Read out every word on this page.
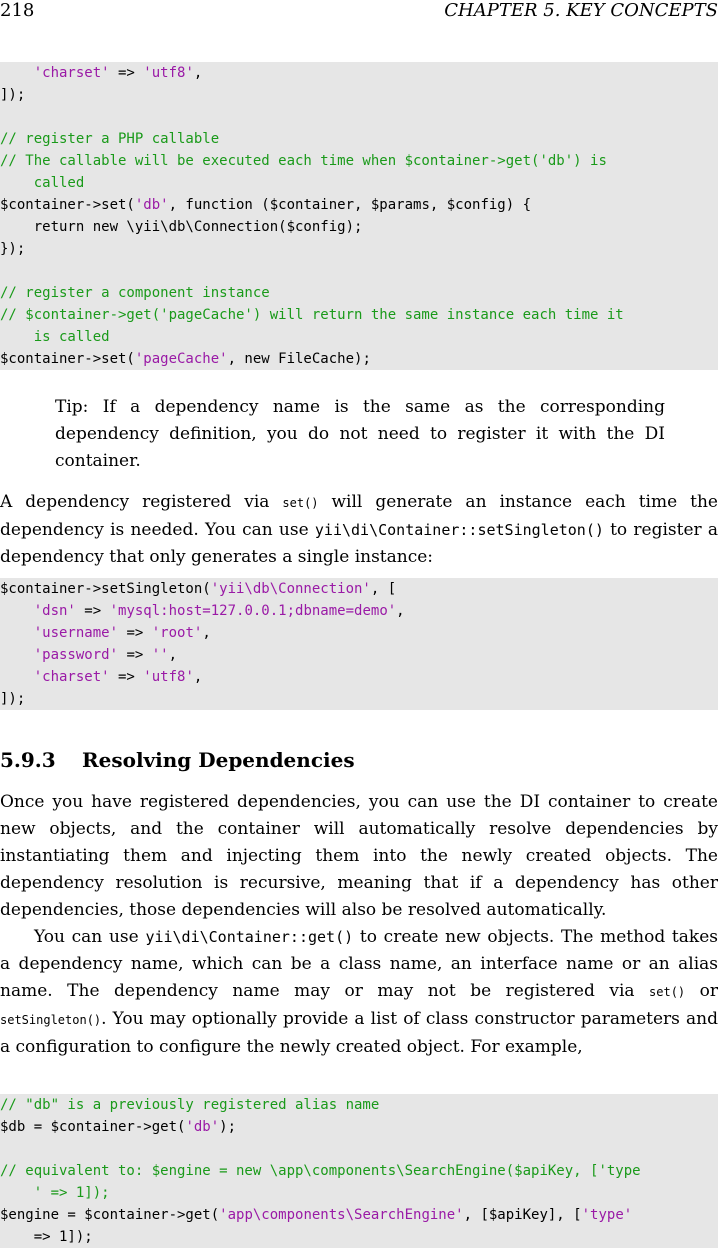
218	CHAPTER 5. KEY CONCEPTS
'charset' => 'utf8',
]);
// register a PHP callable
// The callable will be executed each time when $container->get('db') is
called
$container->set('db', function ($container, $params, $config) {
return new \yii\db\Connection($config);
});
// register a component instance
// $container->get('pageCache') will return the same instance each time it
is called
$container->set('pageCache', new FileCache);
Tip: If a dependency name is the same as the corresponding dependency definition, you do not need to register it with the DI container.
A dependency registered via set() will generate an instance each time the dependency is needed. You can use yii\di\Container::setSingleton() to register a dependency that only generates a single instance:
$container->setSingleton('yii\db\Connection', [
'dsn' => 'mysql:host=127.0.0.1;dbname=demo',
'username' => 'root',
'password' => '',
'charset' => 'utf8',
]);
5.9.3 Resolving Dependencies
Once you have registered dependencies, you can use the DI container to create new objects, and the container will automatically resolve dependencies by instantiating them and injecting them into the newly created objects. The dependency resolution is recursive, meaning that if a dependency has other dependencies, those dependencies will also be resolved automatically.
You can use yii\di\Container::get() to create new objects. The method takes a dependency name, which can be a class name, an interface name or an alias name. The dependency name may or may not be registered via set() or setSingleton(). You may optionally provide a list of class constructor parameters and a configuration to configure the newly created object. For example,
// "db" is a previously registered alias name
$db = $container->get('db');
// equivalent to: $engine = new \app\components\SearchEngine($apiKey, ['type
' => 1]);
$engine = $container->get('app\components\SearchEngine', [$apiKey], ['type'
=> 1]);
